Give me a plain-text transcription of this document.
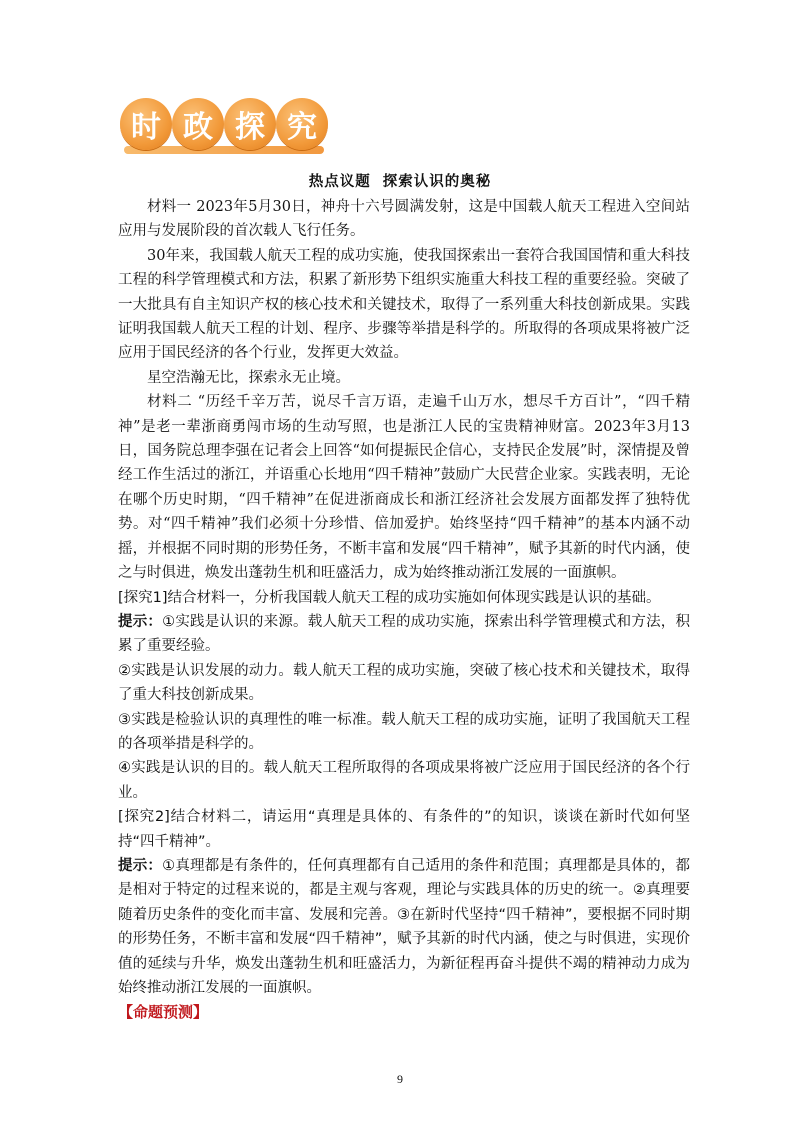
时 政 探 究
热点议题 探索认识的奥秘

材料一 2023年5月30日，神舟十六号圆满发射，这是中国载人航天工程进入空间站应用与发展阶段的首次载人飞行任务。

30年来，我国载人航天工程的成功实施，使我国探索出一套符合我国国情和重大科技工程的科学管理模式和方法，积累了新形势下组织实施重大科技工程的重要经验。突破了一大批具有自主知识产权的核心技术和关键技术，取得了一系列重大科技创新成果。实践证明我国载人航天工程的计划、程序、步骤等举措是科学的。所取得的各项成果将被广泛应用于国民经济的各个行业，发挥更大效益。

星空浩瀚无比，探索永无止境。

材料二 “历经千辛万苦，说尽千言万语，走遍千山万水，想尽千方百计”，“四千精神”是老一辈浙商勇闯市场的生动写照，也是浙江人民的宝贵精神财富。2023年3月13日，国务院总理李强在记者会上回答“如何提振民企信心，支持民企发展”时，深情提及曾经工作生活过的浙江，并语重心长地用“四千精神”鼓励广大民营企业家。实践表明，无论在哪个历史时期，“四千精神”在促进浙商成长和浙江经济社会发展方面都发挥了独特优势。对“四千精神”我们必须十分珍惜、倍加爱护。始终坚持“四千精神”的基本内涵不动摇，并根据不同时期的形势任务，不断丰富和发展“四千精神”，赋予其新的时代内涵，使之与时俱进，焕发出蓬勃生机和旺盛活力，成为始终推动浙江发展的一面旗帜。

[探究1]结合材料一，分析我国载人航天工程的成功实施如何体现实践是认识的基础。

提示：①实践是认识的来源。载人航天工程的成功实施，探索出科学管理模式和方法，积累了重要经验。

②实践是认识发展的动力。载人航天工程的成功实施，突破了核心技术和关键技术，取得了重大科技创新成果。

③实践是检验认识的真理性的唯一标准。载人航天工程的成功实施，证明了我国航天工程的各项举措是科学的。

④实践是认识的目的。载人航天工程所取得的各项成果将被广泛应用于国民经济的各个行业。

[探究2]结合材料二，请运用“真理是具体的、有条件的”的知识，谈谈在新时代如何坚持“四千精神”。

提示：①真理都是有条件的，任何真理都有自己适用的条件和范围；真理都是具体的，都是相对于特定的过程来说的，都是主观与客观，理论与实践具体的历史的统一。②真理要随着历史条件的变化而丰富、发展和完善。③在新时代坚持“四千精神”，要根据不同时期的形势任务，不断丰富和发展“四千精神”，赋予其新的时代内涵，使之与时俱进，实现价值的延续与升华，焕发出蓬勃生机和旺盛活力，为新征程再奋斗提供不竭的精神动力成为始终推动浙江发展的一面旗帜。

【命题预测】

9
